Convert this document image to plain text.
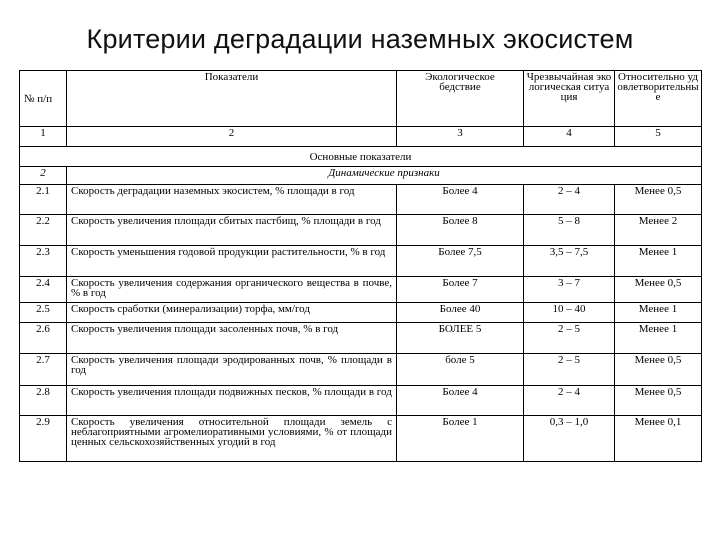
Критерии деградации наземных экосистем
№ п/п	Показатели	Экологическое бедствие	Чрезвычайная экологическая ситуация	Относительно удовлетворительные
1	2	3	4	5
Основные показатели				
2	Динамические признаки			
2.1	Скорость деградации наземных экосистем, % площади в год	Более 4	2 – 4	Менее 0,5
2.2	Скорость увеличения площади сбитых пастбищ, % площади в год	Более 8	5 – 8	Менее 2
2.3	Скорость уменьшения годовой продукции растительности, % в год	Более 7,5	3,5 – 7,5	Менее 1
2.4	Скорость увеличения содержания органического вещества в почве, % в год	Более 7	3 – 7	Менее 0,5
2.5	Скорость сработки (минерализации) торфа, мм/год	Более 40	10 – 40	Менее 1
2.6	Скорость увеличения площади засоленных почв, % в год	БОЛЕЕ 5	2 – 5	Менее 1
2.7	Скорость увеличения площади эродированных почв, % площади в год	боле 5	2 – 5	Менее 0,5
2.8	Скорость увеличения площади подвижных песков, % площади в год	Более 4	2 – 4	Менее 0,5
2.9	Скорость увеличения относительной площади земель с неблагоприятными агромелиоративными условиями, % от площади ценных сельскохозяйственных угодий в год	Более 1	0,3 – 1,0	Менее 0,1
